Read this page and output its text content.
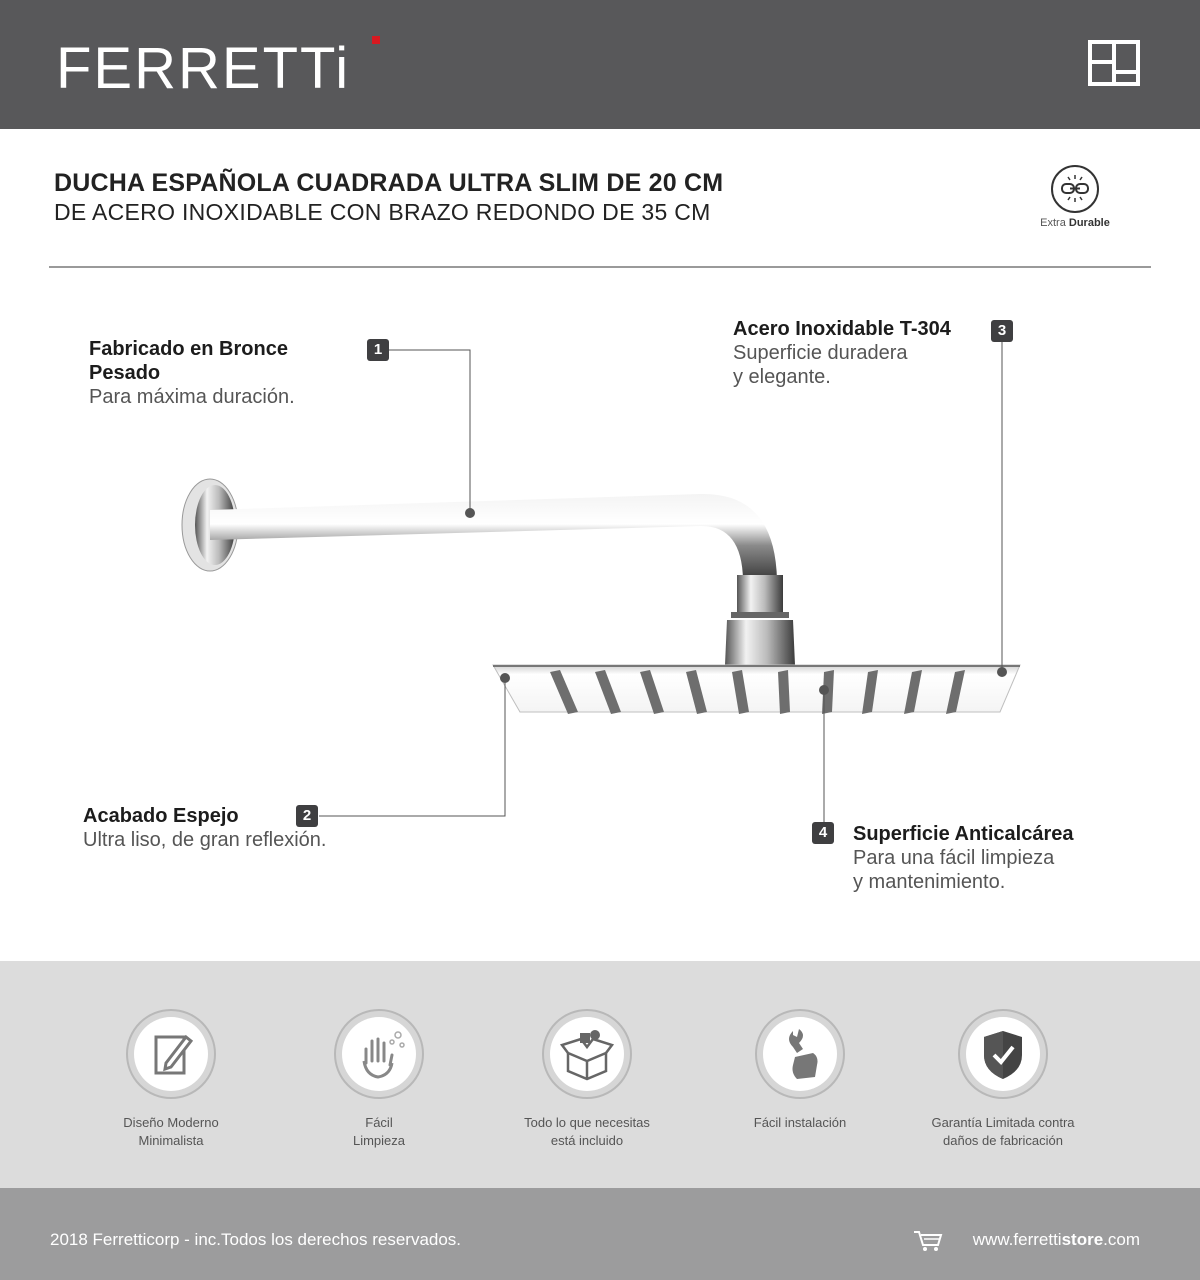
FERRETTi
DUCHA ESPAÑOLA CUADRADA ULTRA SLIM DE 20 CM
DE ACERO INOXIDABLE CON BRAZO REDONDO DE 35 CM	Extra Durable
Fabricado en Bronce
Pesado
Para máxima duración.
1
Acero Inoxidable T-304
Superficie duradera
y elegante.
3
Acabado Espejo
Ultra liso, de gran reflexión.
2
Superficie Anticalcárea
Para una fácil limpieza
y mantenimiento.
4
Diseño Moderno
Minimalista
Fácil
Limpieza
Todo lo que necesitas
está incluido
Fácil instalación	Garantía Limitada contra
daños de fabricación
2018 Ferretticorp - inc.Todos los derechos reservados.	www.ferrettistore.com
